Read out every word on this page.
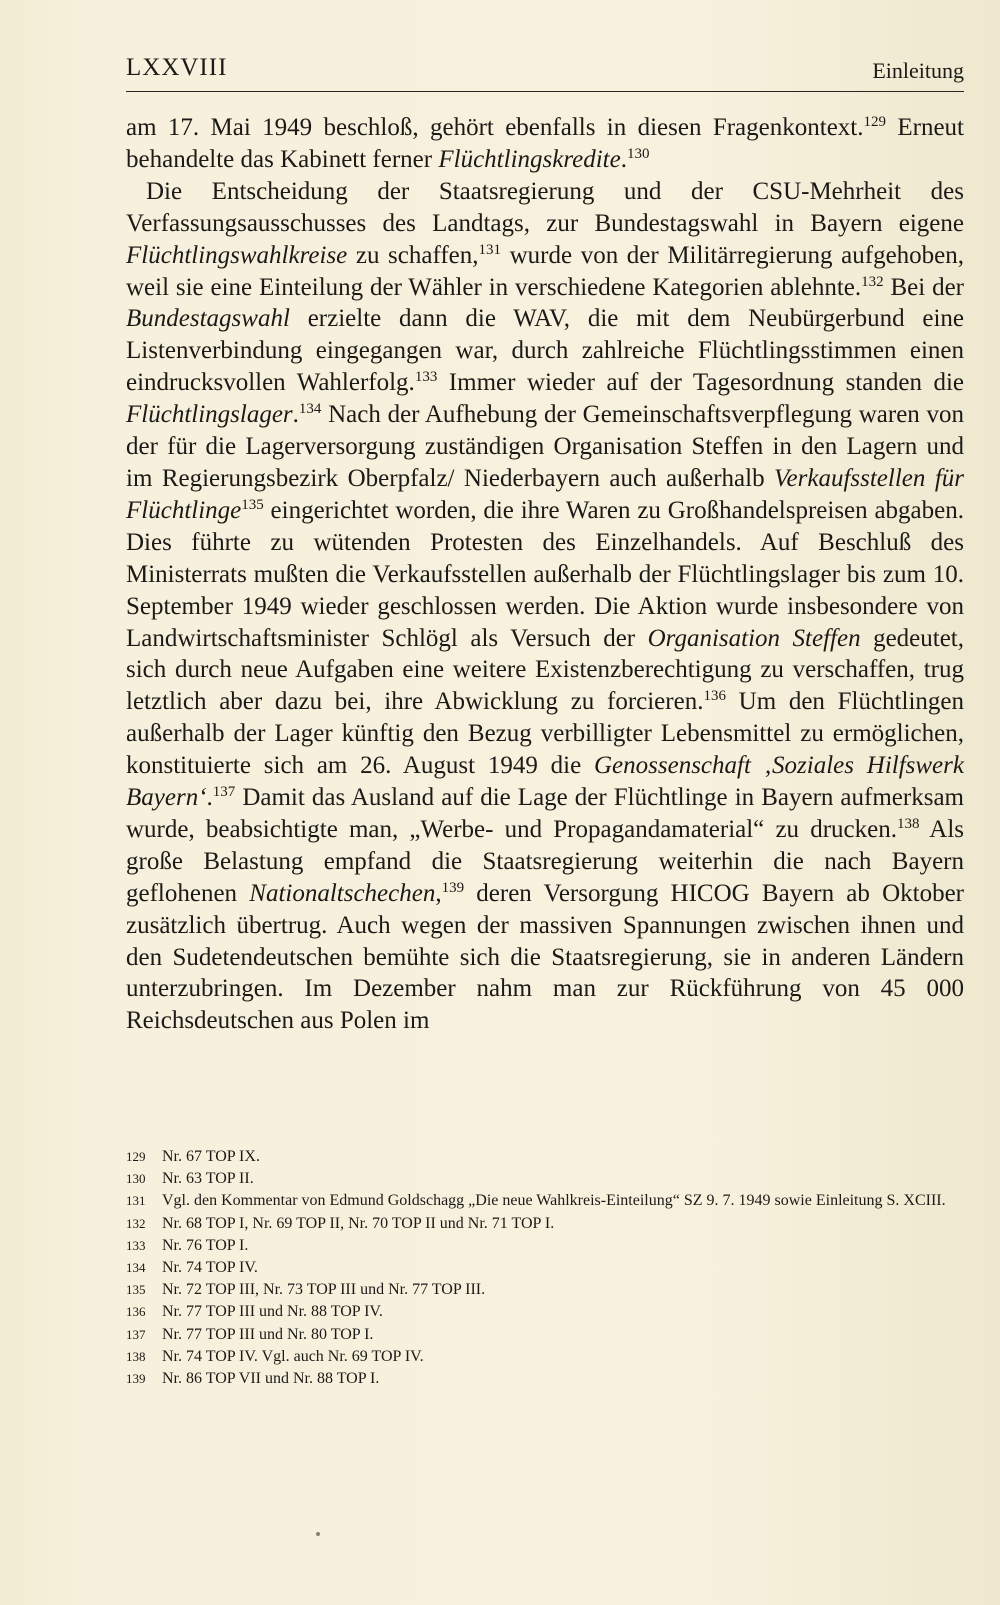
LXXVIII	Einleitung

am 17. Mai 1949 beschloß, gehört ebenfalls in diesen Fragenkontext.$^{129}$ Erneut behandelte das Kabinett ferner Flüchtlingskredite.$^{130}$

Die Entscheidung der Staatsregierung und der CSU-Mehrheit des Verfassungsausschusses des Landtags, zur Bundestagswahl in Bayern eigene Flüchtlingswahlkreise zu schaffen,$^{131}$ wurde von der Militärregierung aufgehoben, weil sie eine Einteilung der Wähler in verschiedene Kategorien ablehnte.$^{132}$ Bei der Bundestagswahl erzielte dann die WAV, die mit dem Neubürgerbund eine Listenverbindung eingegangen war, durch zahlreiche Flüchtlingsstimmen einen eindrucksvollen Wahlerfolg.$^{133}$ Immer wieder auf der Tagesordnung standen die Flüchtlingslager.$^{134}$ Nach der Aufhebung der Gemeinschaftsverpflegung waren von der für die Lagerversorgung zuständigen Organisation Steffen in den Lagern und im Regierungsbezirk Oberpfalz/ Niederbayern auch außerhalb Verkaufsstellen für Flüchtlinge$^{135}$ eingerichtet worden, die ihre Waren zu Großhandelspreisen abgaben. Dies führte zu wütenden Protesten des Einzelhandels. Auf Beschluß des Ministerrats mußten die Verkaufsstellen außerhalb der Flüchtlingslager bis zum 10. September 1949 wieder geschlossen werden. Die Aktion wurde insbesondere von Landwirtschaftsminister Schlögl als Versuch der Organisation Steffen gedeutet, sich durch neue Aufgaben eine weitere Existenzberechtigung zu verschaffen, trug letztlich aber dazu bei, ihre Abwicklung zu forcieren.$^{136}$ Um den Flüchtlingen außerhalb der Lager künftig den Bezug verbilligter Lebensmittel zu ermöglichen, konstituierte sich am 26. August 1949 die Genossenschaft ‚Soziales Hilfswerk Bayern‘.$^{137}$ Damit das Ausland auf die Lage der Flüchtlinge in Bayern aufmerksam wurde, beabsichtigte man, „Werbe- und Propagandamaterial“ zu drucken.$^{138}$ Als große Belastung empfand die Staatsregierung weiterhin die nach Bayern geflohenen Nationaltschechen,$^{139}$ deren Versorgung HICOG Bayern ab Oktober zusätzlich übertrug. Auch wegen der massiven Spannungen zwischen ihnen und den Sudetendeutschen bemühte sich die Staatsregierung, sie in anderen Ländern unterzubringen. Im Dezember nahm man zur Rückführung von 45 000 Reichsdeutschen aus Polen im

129	Nr. 67 TOP IX.
130	Nr. 63 TOP II.
131	Vgl. den Kommentar von Edmund Goldschagg „Die neue Wahlkreis-Einteilung“ SZ 9. 7. 1949 sowie Einleitung S. XCIII.
132	Nr. 68 TOP I, Nr. 69 TOP II, Nr. 70 TOP II und Nr. 71 TOP I.
133	Nr. 76 TOP I.
134	Nr. 74 TOP IV.
135	Nr. 72 TOP III, Nr. 73 TOP III und Nr. 77 TOP III.
136	Nr. 77 TOP III und Nr. 88 TOP IV.
137	Nr. 77 TOP III und Nr. 80 TOP I.
138	Nr. 74 TOP IV. Vgl. auch Nr. 69 TOP IV.
139	Nr. 86 TOP VII und Nr. 88 TOP I.
